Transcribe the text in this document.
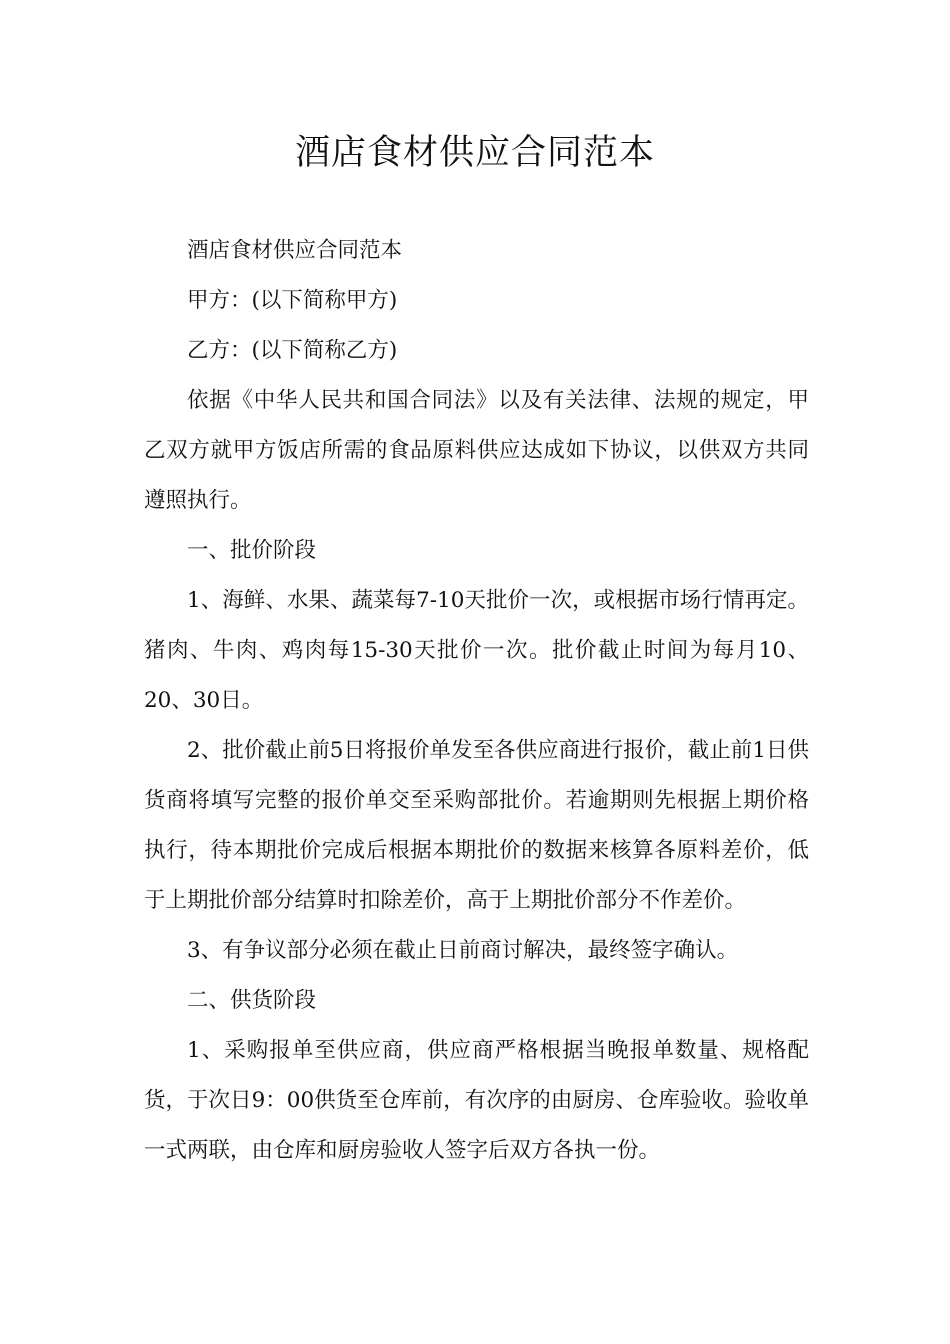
酒店食材供应合同范本

酒店食材供应合同范本

甲方：(以下简称甲方)

乙方：(以下简称乙方)

依据《中华人民共和国合同法》以及有关法律、法规的规定，甲乙双方就甲方饭店所需的食品原料供应达成如下协议，以供双方共同遵照执行。

一、批价阶段

1、海鲜、水果、蔬菜每7-10天批价一次，或根据市场行情再定。猪肉、牛肉、鸡肉每15-30天批价一次。批价截止时间为每月10、20、30日。

2、批价截止前5日将报价单发至各供应商进行报价，截止前1日供货商将填写完整的报价单交至采购部批价。若逾期则先根据上期价格执行，待本期批价完成后根据本期批价的数据来核算各原料差价，低于上期批价部分结算时扣除差价，高于上期批价部分不作差价。

3、有争议部分必须在截止日前商讨解决，最终签字确认。

二、供货阶段

1、采购报单至供应商，供应商严格根据当晚报单数量、规格配货，于次日9：00供货至仓库前，有次序的由厨房、仓库验收。验收单一式两联，由仓库和厨房验收人签字后双方各执一份。
